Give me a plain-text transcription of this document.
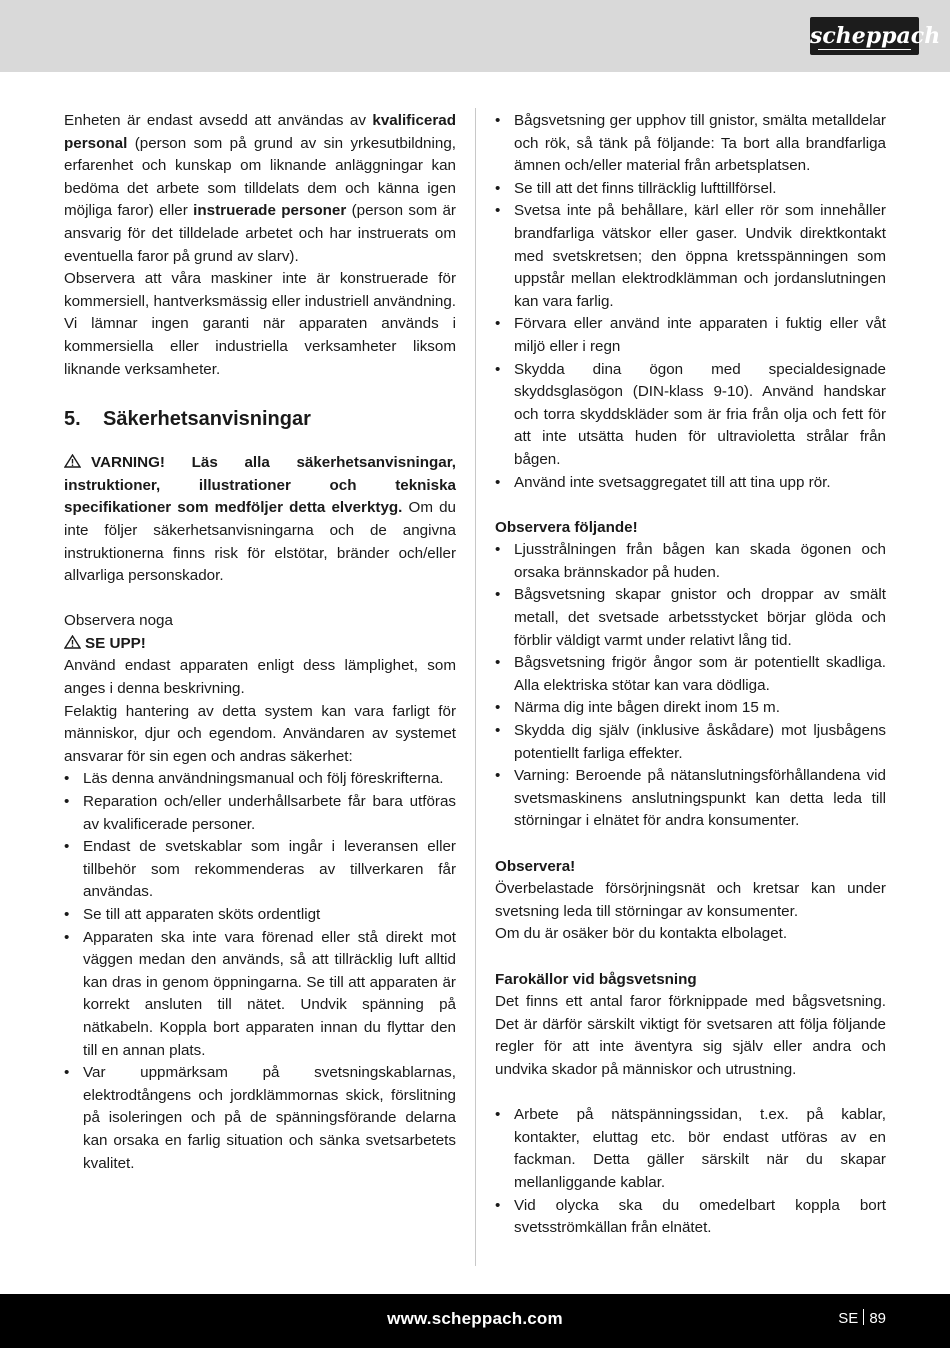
scheppach

Enheten är endast avsedd att användas av kvalificerad personal (person som på grund av sin yrkesutbildning, erfarenhet och kunskap om liknande anläggningar kan bedöma det arbete som tilldelats dem och känna igen möjliga faror) eller instruerade personer (person som är ansvarig för det tilldelade arbetet och har instruerats om eventuella faror på grund av slarv).

Observera att våra maskiner inte är konstruerade för kommersiell, hantverksmässig eller industriell användning. Vi lämnar ingen garanti när apparaten används i kommersiella eller industriella verksamheter liksom liknande verksamheter.

5. Säkerhetsanvisningar

VARNING! Läs alla säkerhetsanvisningar, instruktioner, illustrationer och tekniska specifikationer som medföljer detta elverktyg. Om du inte följer säkerhetsanvisningarna och de angivna instruktionerna finns risk för elstötar, bränder och/eller allvarliga personskador.

Observera noga

SE UPP!

Använd endast apparaten enligt dess lämplighet, som anges i denna beskrivning.

Felaktig hantering av detta system kan vara farligt för människor, djur och egendom. Användaren av systemet ansvarar för sin egen och andras säkerhet:

• Läs denna användningsmanual och följ föreskrifterna.
• Reparation och/eller underhållsarbete får bara utföras av kvalificerade personer.
• Endast de svetskablar som ingår i leveransen eller tillbehör som rekommenderas av tillverkaren får användas.
• Se till att apparaten sköts ordentligt
• Apparaten ska inte vara förenad eller stå direkt mot väggen medan den används, så att tillräcklig luft alltid kan dras in genom öppningarna. Se till att apparaten är korrekt ansluten till nätet. Undvik spänning på nätkabeln. Koppla bort apparaten innan du flyttar den till en annan plats.
• Var uppmärksam på svetsningskablarnas, elektrodtångens och jordklämmornas skick, förslitning på isoleringen och på de spänningsförande delarna kan orsaka en farlig situation och sänka svetsarbetets kvalitet.
• Bågsvetsning ger upphov till gnistor, smälta metalldelar och rök, så tänk på följande: Ta bort alla brandfarliga ämnen och/eller material från arbetsplatsen.
• Se till att det finns tillräcklig lufttillförsel.
• Svetsa inte på behållare, kärl eller rör som innehåller brandfarliga vätskor eller gaser. Undvik direktkontakt med svetskretsen; den öppna kretsspänningen som uppstår mellan elektrodklämman och jordanslutningen kan vara farlig.
• Förvara eller använd inte apparaten i fuktig eller våt miljö eller i regn
• Skydda dina ögon med specialdesignade skyddsglasögon (DIN-klass 9-10). Använd handskar och torra skyddskläder som är fria från olja och fett för att inte utsätta huden för ultravioletta strålar från bågen.
• Använd inte svetsaggregatet till att tina upp rör.

Observera följande!

• Ljusstrålningen från bågen kan skada ögonen och orsaka brännskador på huden.
• Bågsvetsning skapar gnistor och droppar av smält metall, det svetsade arbetsstycket börjar glöda och förblir väldigt varmt under relativt lång tid.
• Bågsvetsning frigör ångor som är potentiellt skadliga. Alla elektriska stötar kan vara dödliga.
• Närma dig inte bågen direkt inom 15 m.
• Skydda dig själv (inklusive åskådare) mot ljusbågens potentiellt farliga effekter.
• Varning: Beroende på nätanslutningsförhållandena vid svetsmaskinens anslutningspunkt kan detta leda till störningar i elnätet för andra konsumenter.

Observera!

Överbelastade försörjningsnät och kretsar kan under svetsning leda till störningar av konsumenter.

Om du är osäker bör du kontakta elbolaget.

Farokällor vid bågsvetsning

Det finns ett antal faror förknippade med bågsvetsning. Det är därför särskilt viktigt för svetsaren att följa följande regler för att inte äventyra sig själv eller andra och undvika skador på människor och utrustning.

• Arbete på nätspänningssidan, t.ex. på kablar, kontakter, eluttag etc. bör endast utföras av en fackman. Detta gäller särskilt när du skapar mellanliggande kablar.
• Vid olycka ska du omedelbart koppla bort svetsströmkällan från elnätet.
www.scheppach.com	SE 89
